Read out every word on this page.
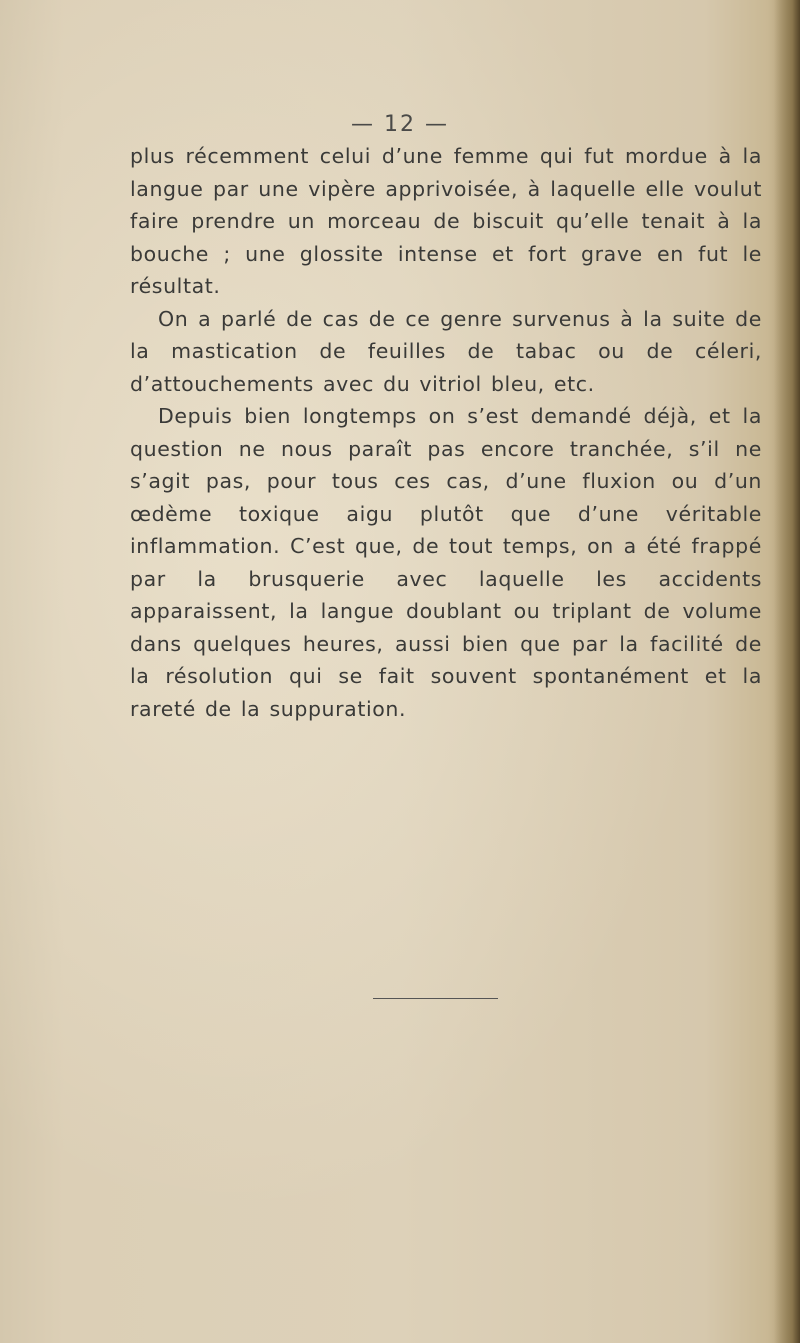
— 12 —

plus récemment celui d’une femme qui fut mordue à la langue par une vipère apprivoisée, à laquelle elle voulut faire prendre un morceau de biscuit qu’elle tenait à la bouche ; une glossite intense et fort grave en fut le résultat.

On a parlé de cas de ce genre survenus à la suite de la mastication de feuilles de tabac ou de céleri, d’attouchements avec du vitriol bleu, etc.

Depuis bien longtemps on s’est demandé déjà, et la question ne nous paraît pas encore tranchée, s’il ne s’agit pas, pour tous ces cas, d’une fluxion ou d’un œdème toxique aigu plutôt que d’une véritable inflammation. C’est que, de tout temps, on a été frappé par la brusquerie avec laquelle les accidents apparaissent, la langue doublant ou triplant de volume dans quelques heures, aussi bien que par la facilité de la résolution qui se fait souvent spontanément et la rareté de la suppuration.
